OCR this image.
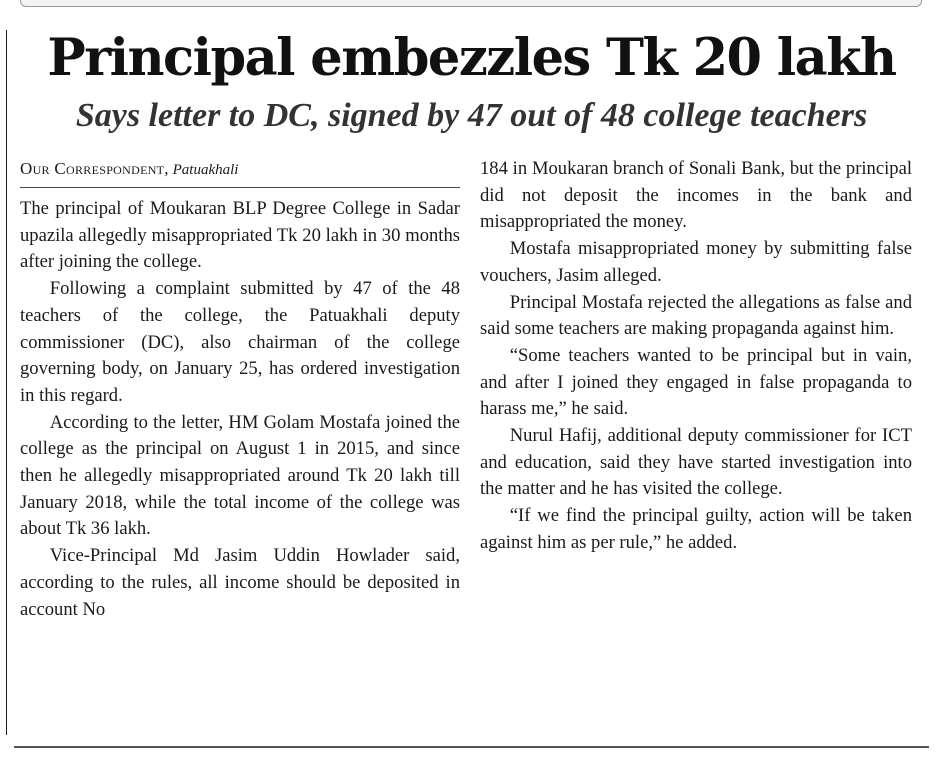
Principal embezzles Tk 20 lakh
Says letter to DC, signed by 47 out of 48 college teachers
Our Correspondent, Patuakhali

The principal of Moukaran BLP Degree College in Sadar upazila allegedly misappropriated Tk 20 lakh in 30 months after joining the college.

Following a complaint submitted by 47 of the 48 teachers of the college, the Patuakhali deputy commissioner (DC), also chairman of the college governing body, on January 25, has ordered investigation in this regard.

According to the letter, HM Golam Mostafa joined the college as the principal on August 1 in 2015, and since then he allegedly misappropriated around Tk 20 lakh till January 2018, while the total income of the college was about Tk 36 lakh.

Vice-Principal Md Jasim Uddin Howlader said, according to the rules, all income should be deposited in account No

184 in Moukaran branch of Sonali Bank, but the principal did not deposit the incomes in the bank and misappropriated the money.

Mostafa misappropriated money by submitting false vouchers, Jasim alleged.

Principal Mostafa rejected the allegations as false and said some teachers are making propaganda against him.

“Some teachers wanted to be principal but in vain, and after I joined they engaged in false propaganda to harass me,” he said.

Nurul Hafij, additional deputy commissioner for ICT and education, said they have started investigation into the matter and he has visited the college.

“If we find the principal guilty, action will be taken against him as per rule,” he added.
